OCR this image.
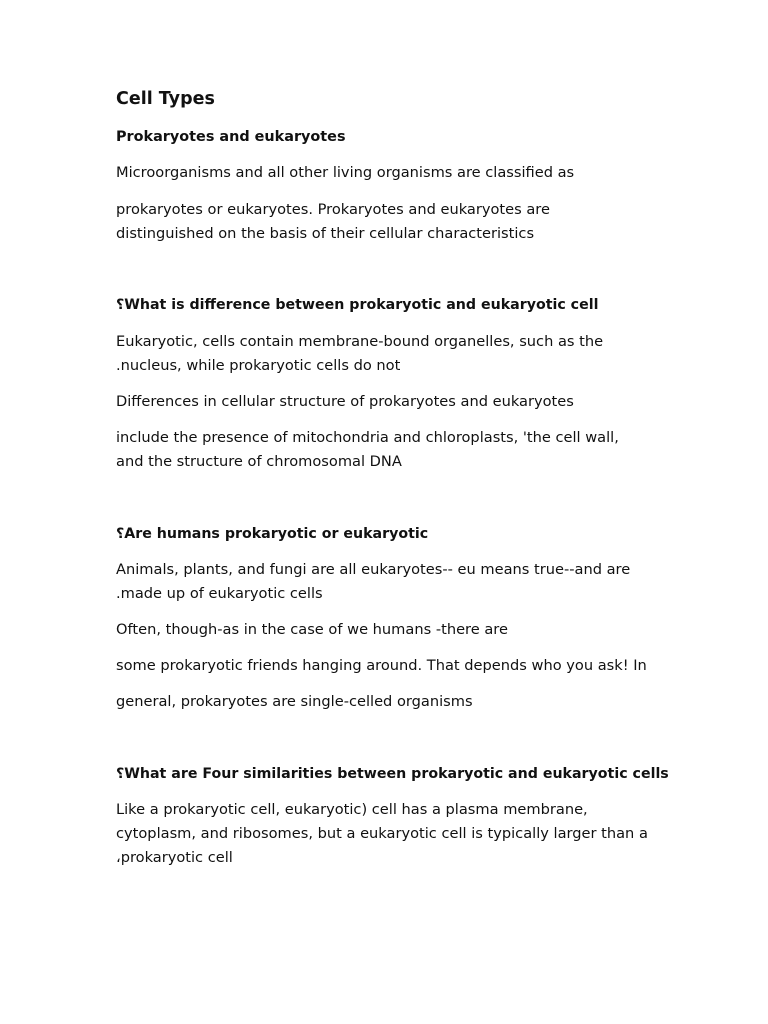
Cell Types
Prokaryotes and eukaryotes
Microorganisms and all other living organisms are classified as
prokaryotes or eukaryotes. Prokaryotes and eukaryotes are
distinguished on the basis of their cellular characteristics
؟What is difference between prokaryotic and eukaryotic cell
Eukaryotic, cells contain membrane-bound organelles, such as the
.nucleus, while prokaryotic cells do not
Differences in cellular structure of prokaryotes and eukaryotes
include the presence of mitochondria and chloroplasts, 'the cell wall,
and the structure of chromosomal DNA
؟Are humans prokaryotic or eukaryotic
Animals, plants, and fungi are all eukaryotes-- eu means true--and are
.made up of eukaryotic cells
Often, though-as in the case of we humans -there are
some prokaryotic friends hanging around. That depends who you ask! In
general, prokaryotes are single-celled organisms
؟What are Four similarities between prokaryotic and eukaryotic cells
Like a prokaryotic cell, eukaryotic) cell has a plasma membrane,
cytoplasm, and ribosomes, but a eukaryotic cell is typically larger than a
،prokaryotic cell
